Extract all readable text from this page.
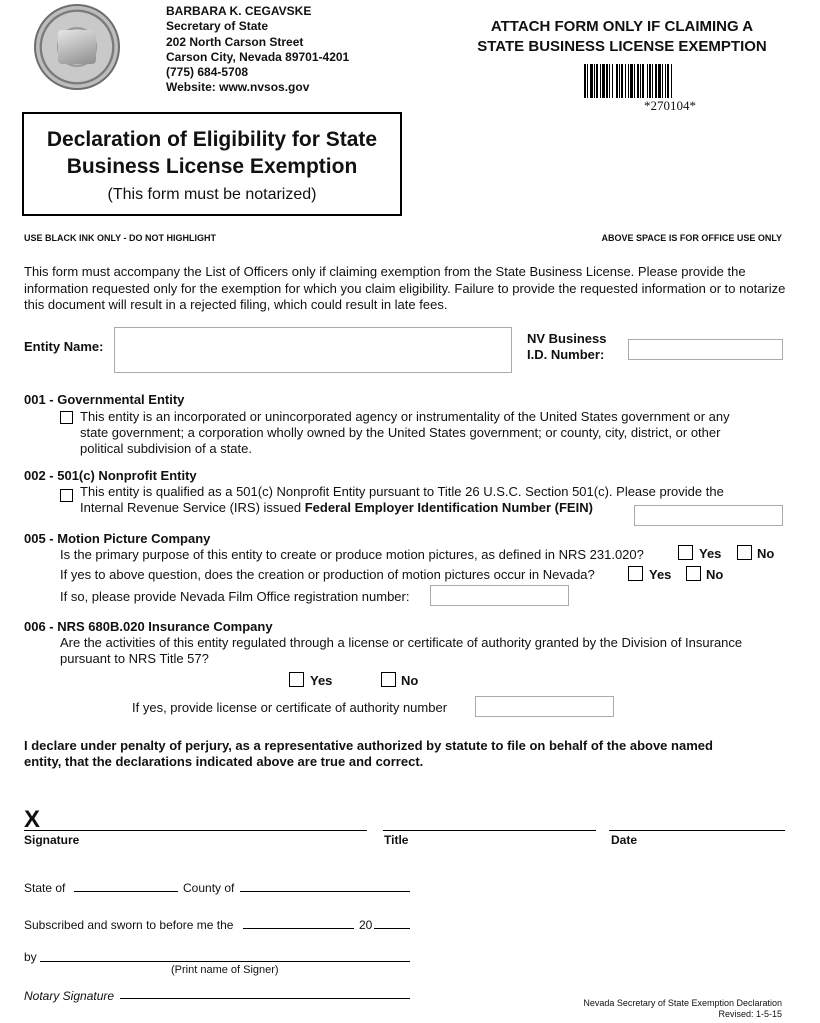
BARBARA K. CEGAVSKE
Secretary of State
202 North Carson Street
Carson City, Nevada 89701-4201
(775) 684-5708
Website: www.nvsos.gov
ATTACH FORM ONLY IF CLAIMING A
STATE BUSINESS LICENSE EXEMPTION
*270104*
Declaration of Eligibility for State
Business License Exemption
(This form must be notarized)
USE BLACK INK ONLY - DO NOT HIGHLIGHT	ABOVE SPACE IS FOR OFFICE USE ONLY
This form must accompany the List of Officers only if claiming exemption from the State Business License. Please provide the information requested only for the exemption for which you claim eligibility. Failure to provide the requested information or to notarize this document will result in a rejected filing, which could result in late fees.
Entity Name:
NV Business
I.D. Number:
001 - Governmental Entity
This entity is an incorporated or unincorporated agency or instrumentality of the United States government or any
state government; a corporation wholly owned by the United States government; or county, city, district, or other
political subdivision of a state.
002 - 501(c) Nonprofit Entity
This entity is qualified as a 501(c) Nonprofit Entity pursuant to Title 26 U.S.C. Section 501(c). Please provide the
Internal Revenue Service (IRS) issued Federal Employer Identification Number (FEIN)
005 - Motion Picture Company
Is the primary purpose of this entity to create or produce motion pictures, as defined in NRS 231.020?	Yes	No
If yes to above question, does the creation or production of motion pictures occur in Nevada?	Yes	No
If so, please provide Nevada Film Office registration number:
006 - NRS 680B.020 Insurance Company
Are the activities of this entity regulated through a license or certificate of authority granted by the Division of Insurance
pursuant to NRS Title 57?
Yes	No
If yes, provide license or certificate of authority number
I declare under penalty of perjury, as a representative authorized by statute to file on behalf of the above named
entity, that the declarations indicated above are true and correct.
X
Signature	Title	Date
State of	County of
Subscribed and sworn to before me the	20
by
(Print name of Signer)
Notary Signature	Nevada Secretary of State Exemption Declaration
Revised: 1-5-15
